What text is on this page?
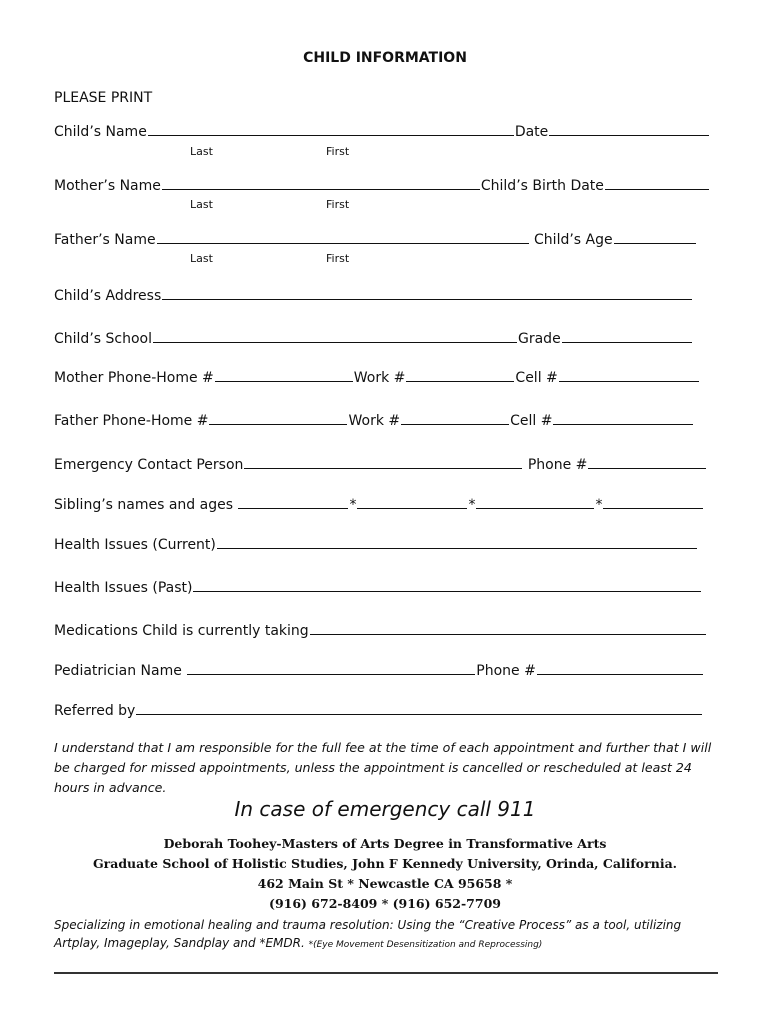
CHILD INFORMATION
PLEASE PRINT
Child’s Name	Date
Last	First
Mother’s Name	Child’s Birth Date
Last	First
Father’s Name	Child’s Age
Last	First
Child’s Address
Child’s School	Grade
Mother Phone-Home #	Work #	Cell #
Father Phone-Home #	Work #	Cell #
Emergency Contact Person	Phone #
Sibling’s names and ages	*	*	*
Health Issues (Current)
Health Issues (Past)
Medications Child is currently taking
Pediatrician Name	Phone #
Referred by
I understand that I am responsible for the full fee at the time of each appointment and further that I will be charged for missed appointments, unless the appointment is cancelled or rescheduled at least 24 hours in advance.
In case of emergency call 911
Deborah Toohey-Masters of Arts Degree in Transformative Arts
Graduate School of Holistic Studies, John F Kennedy University, Orinda, California.
462 Main St * Newcastle CA 95658 *
(916) 672-8409 * (916) 652-7709
Specializing in emotional healing and trauma resolution: Using the “Creative Process” as a tool, utilizing Artplay, Imageplay, Sandplay and *EMDR. *(Eye Movement Desensitization and Reprocessing)
